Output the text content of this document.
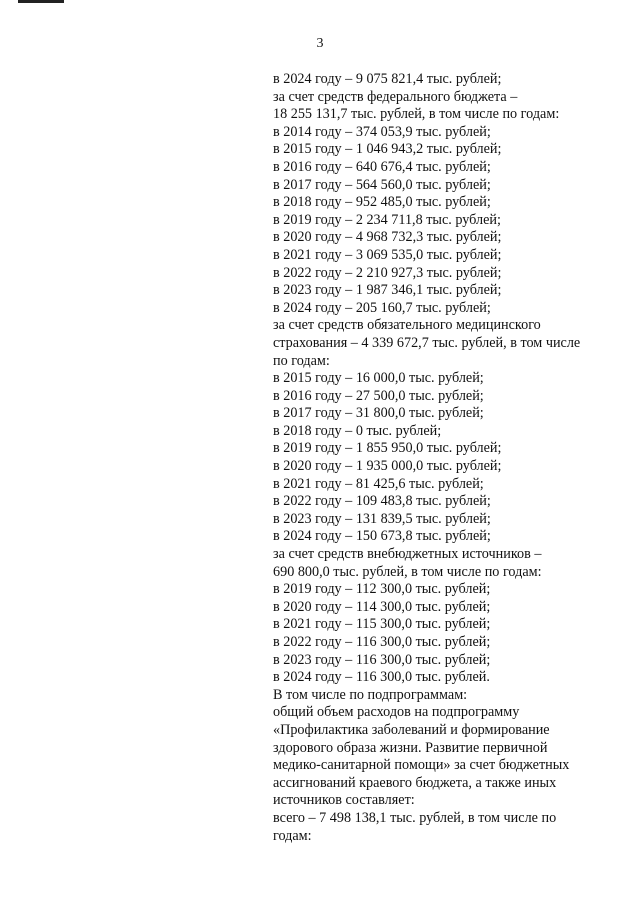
3
в 2024 году – 9 075 821,4 тыс. рублей;
за счет средств федерального бюджета –
18 255 131,7 тыс. рублей, в том числе по годам:
в 2014 году – 374 053,9 тыс. рублей;
в 2015 году – 1 046 943,2 тыс. рублей;
в 2016 году – 640 676,4 тыс. рублей;
в 2017 году – 564 560,0 тыс. рублей;
в 2018 году – 952 485,0 тыс. рублей;
в 2019 году – 2 234 711,8 тыс. рублей;
в 2020 году – 4 968 732,3 тыс. рублей;
в 2021 году – 3 069 535,0 тыс. рублей;
в 2022 году – 2 210 927,3 тыс. рублей;
в 2023 году – 1 987 346,1 тыс. рублей;
в 2024 году – 205 160,7 тыс. рублей;
за счет средств обязательного медицинского
страхования – 4 339 672,7 тыс. рублей, в том числе
по годам:
в 2015 году – 16 000,0 тыс. рублей;
в 2016 году – 27 500,0 тыс. рублей;
в 2017 году – 31 800,0 тыс. рублей;
в 2018 году – 0 тыс. рублей;
в 2019 году – 1 855 950,0 тыс. рублей;
в 2020 году – 1 935 000,0 тыс. рублей;
в 2021 году – 81 425,6 тыс. рублей;
в 2022 году – 109 483,8 тыс. рублей;
в 2023 году – 131 839,5 тыс. рублей;
в 2024 году – 150 673,8 тыс. рублей;
за счет средств внебюджетных источников –
690 800,0 тыс. рублей, в том числе по годам:
в 2019 году – 112 300,0 тыс. рублей;
в 2020 году – 114 300,0 тыс. рублей;
в 2021 году – 115 300,0 тыс. рублей;
в 2022 году – 116 300,0 тыс. рублей;
в 2023 году – 116 300,0 тыс. рублей;
в 2024 году – 116 300,0 тыс. рублей.
В том числе по подпрограммам:
общий объем расходов на подпрограмму
«Профилактика заболеваний и формирование
здорового образа жизни. Развитие первичной
медико-санитарной помощи» за счет бюджетных
ассигнований краевого бюджета, а также иных
источников составляет:
всего – 7 498 138,1 тыс. рублей, в том числе по
годам:
